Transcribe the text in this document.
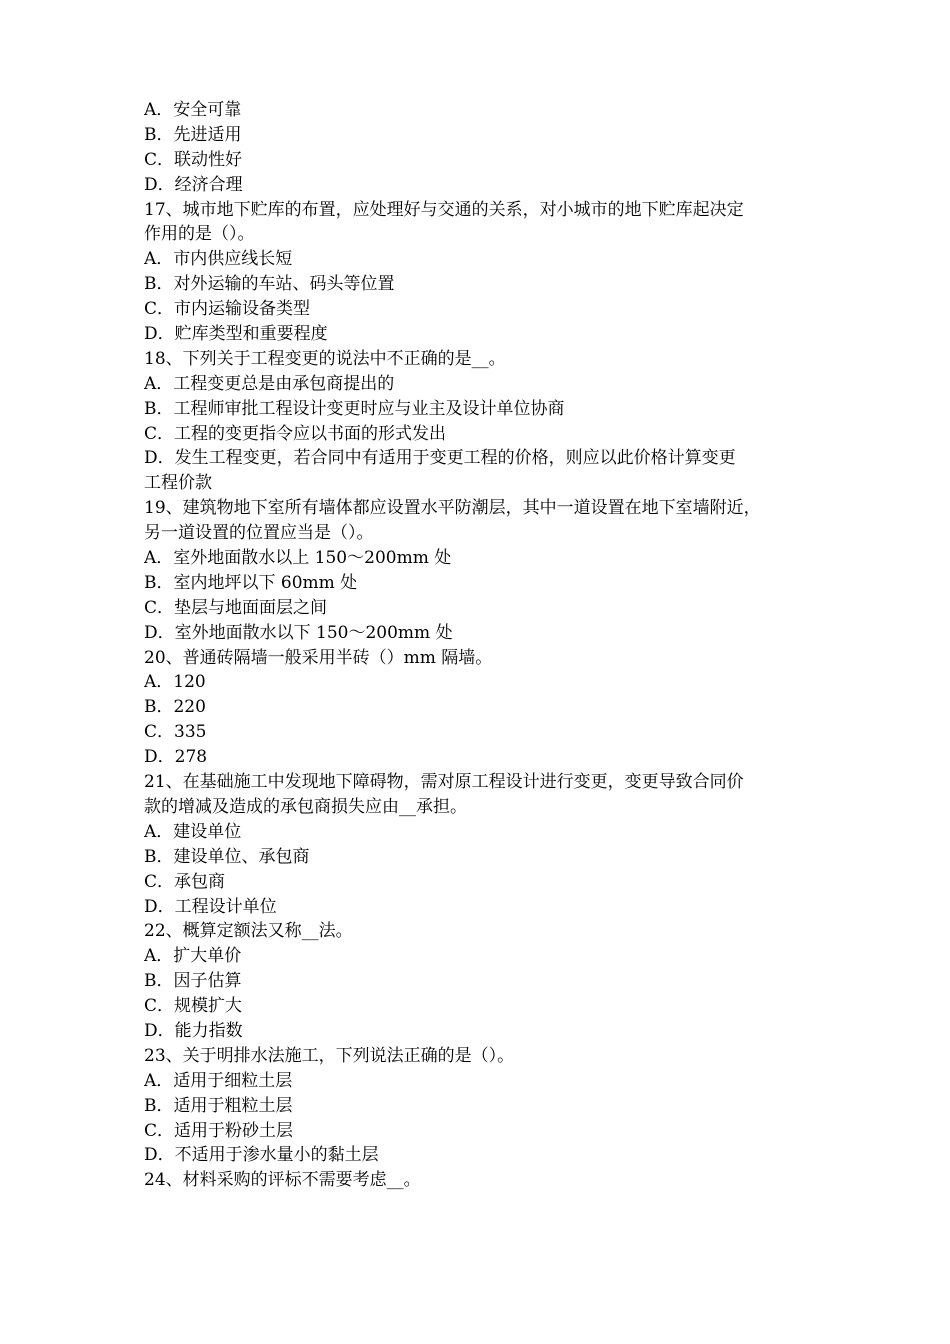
A．安全可靠
B．先进适用
C．联动性好
D．经济合理
17、城市地下贮库的布置，应处理好与交通的关系，对小城市的地下贮库起决定
作用的是（）。
A．市内供应线长短
B．对外运输的车站、码头等位置
C．市内运输设备类型
D．贮库类型和重要程度
18、下列关于工程变更的说法中不正确的是__。
A．工程变更总是由承包商提出的
B．工程师审批工程设计变更时应与业主及设计单位协商
C．工程的变更指令应以书面的形式发出
D．发生工程变更，若合同中有适用于变更工程的价格，则应以此价格计算变更
工程价款
19、建筑物地下室所有墙体都应设置水平防潮层，其中一道设置在地下室墙附近，
另一道设置的位置应当是（）。
A．室外地面散水以上 150～200mm 处
B．室内地坪以下 60mm 处
C．垫层与地面面层之间
D．室外地面散水以下 150～200mm 处
20、普通砖隔墙一般采用半砖（）mm 隔墙。
A．120
B．220
C．335
D．278
21、在基础施工中发现地下障碍物，需对原工程设计进行变更，变更导致合同价
款的增减及造成的承包商损失应由__承担。
A．建设单位
B．建设单位、承包商
C．承包商
D．工程设计单位
22、概算定额法又称__法。
A．扩大单价
B．因子估算
C．规模扩大
D．能力指数
23、关于明排水法施工，下列说法正确的是（）。
A．适用于细粒土层
B．适用于粗粒土层
C．适用于粉砂土层
D．不适用于渗水量小的黏土层
24、材料采购的评标不需要考虑__。
